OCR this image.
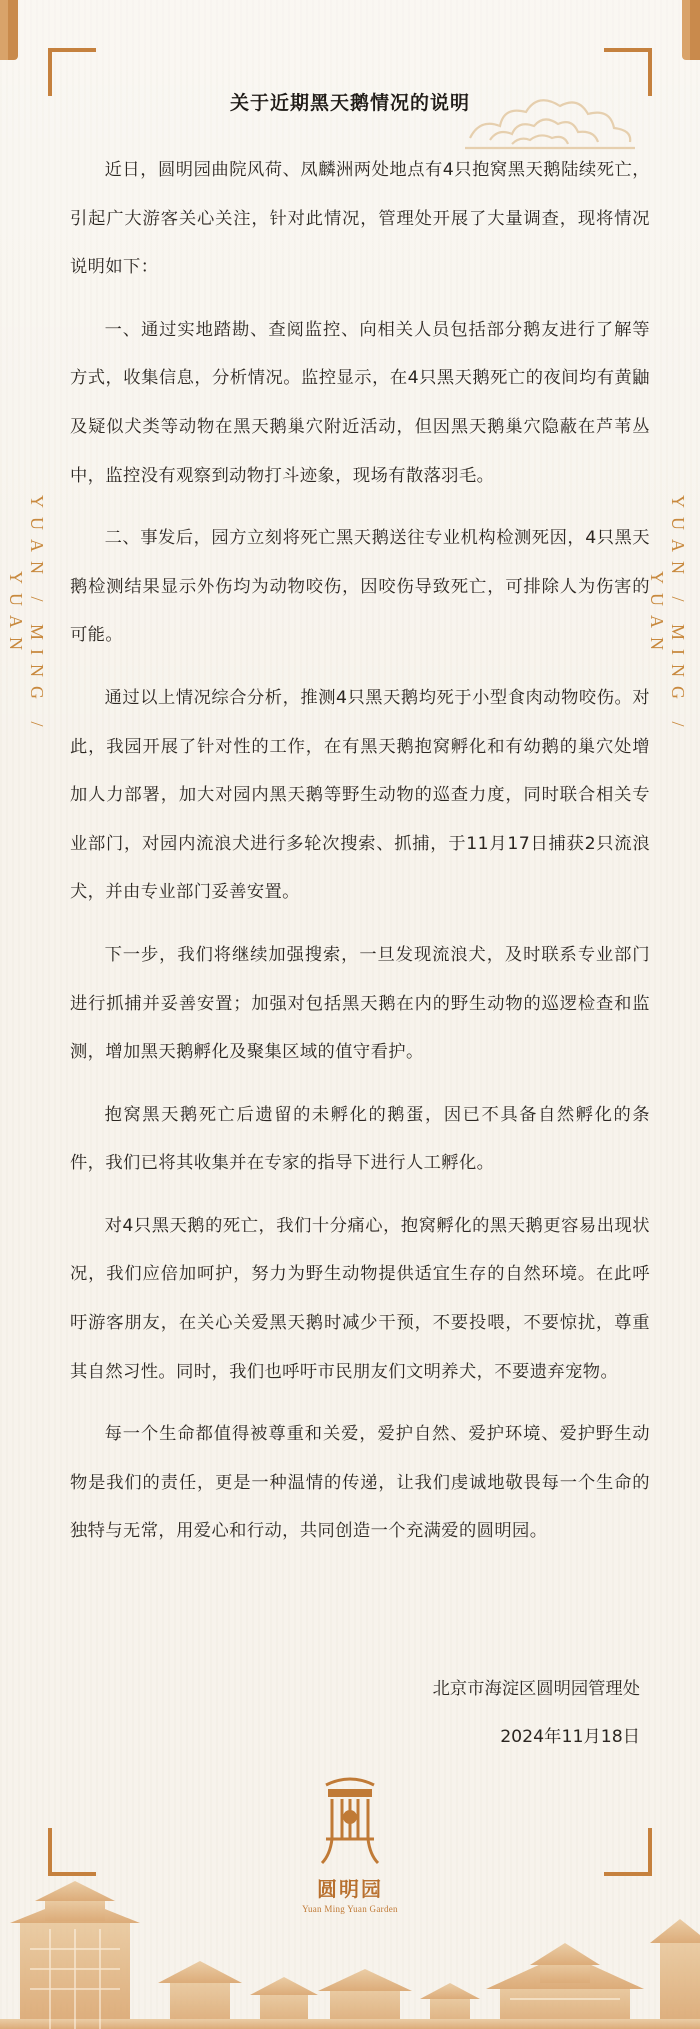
YUAN / MING / YUAN	YUAN / MING / YUAN
关于近期黑天鹅情况的说明

近日，圆明园曲院风荷、凤麟洲两处地点有4只抱窝黑天鹅陆续死亡，引起广大游客关心关注，针对此情况，管理处开展了大量调查，现将情况说明如下：

一、通过实地踏勘、查阅监控、向相关人员包括部分鹅友进行了解等方式，收集信息，分析情况。监控显示，在4只黑天鹅死亡的夜间均有黄鼬及疑似犬类等动物在黑天鹅巢穴附近活动，但因黑天鹅巢穴隐蔽在芦苇丛中，监控没有观察到动物打斗迹象，现场有散落羽毛。

二、事发后，园方立刻将死亡黑天鹅送往专业机构检测死因，4只黑天鹅检测结果显示外伤均为动物咬伤，因咬伤导致死亡，可排除人为伤害的可能。

通过以上情况综合分析，推测4只黑天鹅均死于小型食肉动物咬伤。对此，我园开展了针对性的工作，在有黑天鹅抱窝孵化和有幼鹅的巢穴处增加人力部署，加大对园内黑天鹅等野生动物的巡查力度，同时联合相关专业部门，对园内流浪犬进行多轮次搜索、抓捕，于11月17日捕获2只流浪犬，并由专业部门妥善安置。

下一步，我们将继续加强搜索，一旦发现流浪犬，及时联系专业部门进行抓捕并妥善安置；加强对包括黑天鹅在内的野生动物的巡逻检查和监测，增加黑天鹅孵化及聚集区域的值守看护。

抱窝黑天鹅死亡后遗留的未孵化的鹅蛋，因已不具备自然孵化的条件，我们已将其收集并在专家的指导下进行人工孵化。

对4只黑天鹅的死亡，我们十分痛心，抱窝孵化的黑天鹅更容易出现状况，我们应倍加呵护，努力为野生动物提供适宜生存的自然环境。在此呼吁游客朋友，在关心关爱黑天鹅时减少干预，不要投喂，不要惊扰，尊重其自然习性。同时，我们也呼吁市民朋友们文明养犬，不要遗弃宠物。

每一个生命都值得被尊重和关爱，爱护自然、爱护环境、爱护野生动物是我们的责任，更是一种温情的传递，让我们虔诚地敬畏每一个生命的独特与无常，用爱心和行动，共同创造一个充满爱的圆明园。

北京市海淀区圆明园管理处
2024年11月18日
圆明园
Yuan Ming Yuan Garden
